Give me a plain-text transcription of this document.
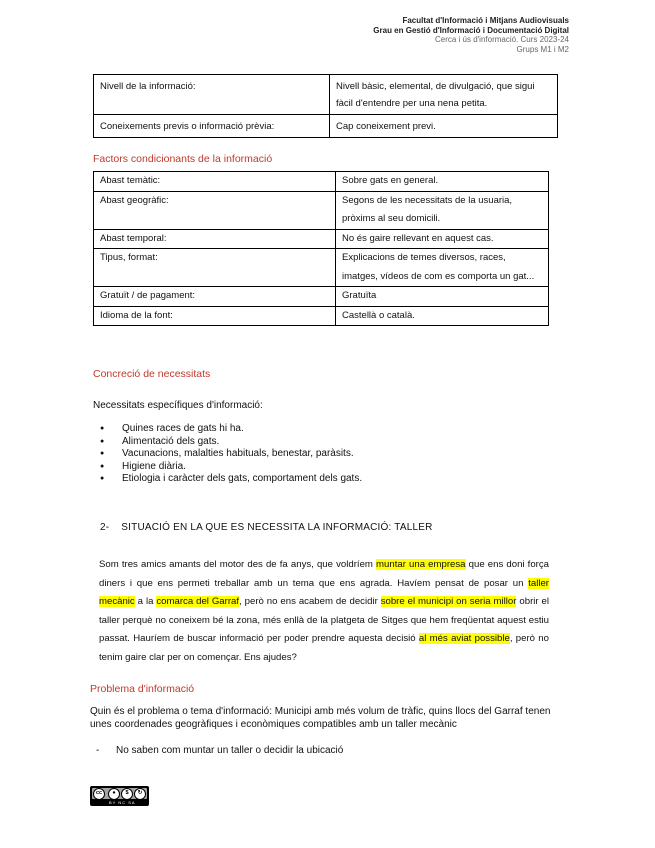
Facultat d'Informació i Mitjans Audiovisuals
Grau en Gestió d'Informació i Documentació Digital
Cerca i ús d'informació. Curs 2023-24
Grups M1 i M2
Nivell de la informació:	Nivell bàsic, elemental, de divulgació, que sigui fàcil d'entendre per una nena petita.
Coneixements previs o informació prèvia:	Cap coneixement previ.
Factors condicionants de la informació
Abast temàtic:	Sobre gats en general.
Abast geogràfic:	Segons de les necessitats de la usuaria, pròxims al seu domicili.
Abast temporal:	No és gaire rellevant en aquest cas.
Tipus, format:	Explicacions de temes diversos, races, imatges, vídeos de com es comporta un gat...
Gratuït / de pagament:	Gratuïta
Idioma de la font:	Castellà o català.
Concreció de necessitats
Necessitats específiques d'informació:
● Quines races de gats hi ha.
● Alimentació dels gats.
● Vacunacions, malalties habituals, benestar, paràsits.
● Higiene diària.
● Etiologia i caràcter dels gats, comportament dels gats.
2- SITUACIÓ EN LA QUE ES NECESSITA LA INFORMACIÓ: TALLER
Som tres amics amants del motor des de fa anys, que voldríem muntar una empresa que ens doni força diners i que ens permeti treballar amb un tema que ens agrada. Havíem pensat de posar un taller mecànic a la comarca del Garraf, però no ens acabem de decidir sobre el municipi on seria millor obrir el taller perquè no coneixem bé la zona, més enllà de la platgeta de Sitges que hem freqüentat aquest estiu passat. Hauríem de buscar informació per poder prendre aquesta decisió al més aviat possible, però no tenim gaire clar per on començar. Ens ajudes?
Problema d'informació
Quin és el problema o tema d'informació: Municipi amb més volum de tràfic, quins llocs del Garraf tenen unes coordenades geogràfiques i econòmiques compatibles amb un taller mecànic
- No saben com muntar un taller o decidir la ubicació
cc	●	$	↻
BY NC SA
